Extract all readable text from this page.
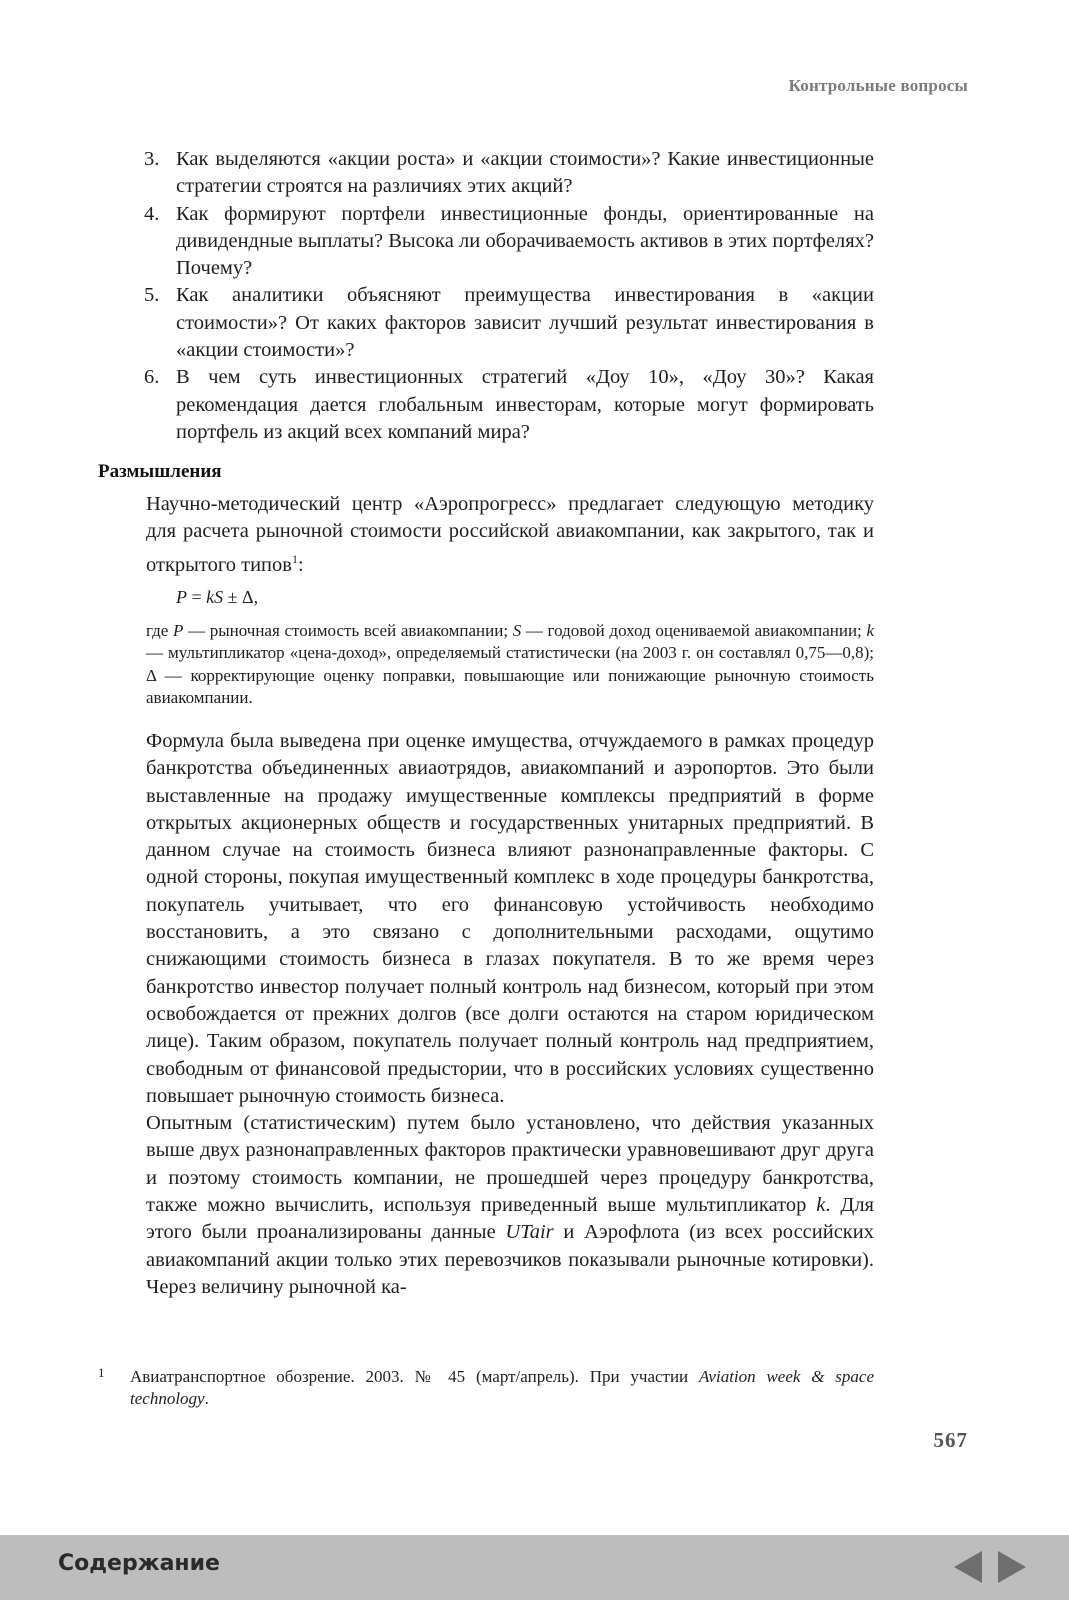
Контрольные вопросы
3. Как выделяются «акции роста» и «акции стоимости»? Какие инвестиционные стратегии строятся на различиях этих акций?
4. Как формируют портфели инвестиционные фонды, ориентированные на дивидендные выплаты? Высока ли оборачиваемость активов в этих портфелях? Почему?
5. Как аналитики объясняют преимущества инвестирования в «акции стоимости»? От каких факторов зависит лучший результат инвестирования в «акции стоимости»?
6. В чем суть инвестиционных стратегий «Доу 10», «Доу 30»? Какая рекомендация дается глобальным инвесторам, которые могут формировать портфель из акций всех компаний мира?
Размышления

Научно-методический центр «Аэропрогресс» предлагает следующую методику для расчета рыночной стоимости российской авиакомпании, как закрытого, так и открытого типов$^1$:

P = kS ± Δ,
где P — рыночная стоимость всей авиакомпании; S — годовой доход оцениваемой авиакомпании; k — мультипликатор «цена-доход», определяемый статистически (на 2003 г. он составлял 0,75—0,8); Δ — корректирующие оценку поправки, повышающие или понижающие рыночную стоимость авиакомпании.

Формула была выведена при оценке имущества, отчуждаемого в рамках процедур банкротства объединенных авиаотрядов, авиакомпаний и аэропортов. Это были выставленные на продажу имущественные комплексы предприятий в форме открытых акционерных обществ и государственных унитарных предприятий. В данном случае на стоимость бизнеса влияют разнонаправленные факторы. С одной стороны, покупая имущественный комплекс в ходе процедуры банкротства, покупатель учитывает, что его финансовую устойчивость необходимо восстановить, а это связано с дополнительными расходами, ощутимо снижающими стоимость бизнеса в глазах покупателя. В то же время через банкротство инвестор получает полный контроль над бизнесом, который при этом освобождается от прежних долгов (все долги остаются на старом юридическом лице). Таким образом, покупатель получает полный контроль над предприятием, свободным от финансовой предыстории, что в российских условиях существенно повышает рыночную стоимость бизнеса.

Опытным (статистическим) путем было установлено, что действия указанных выше двух разнонаправленных факторов практически уравновешивают друг друга и поэтому стоимость компании, не прошедшей через процедуру банкротства, также можно вычислить, используя приведенный выше мультипликатор k. Для этого были проанализированы данные UTair и Аэрофлота (из всех российских авиакомпаний акции только этих перевозчиков показывали рыночные котировки). Через величину рыночной ка-

1 Авиатранспортное обозрение. 2003. № 45 (март/апрель). При участии Aviation week & space technology.
567
Содержание
